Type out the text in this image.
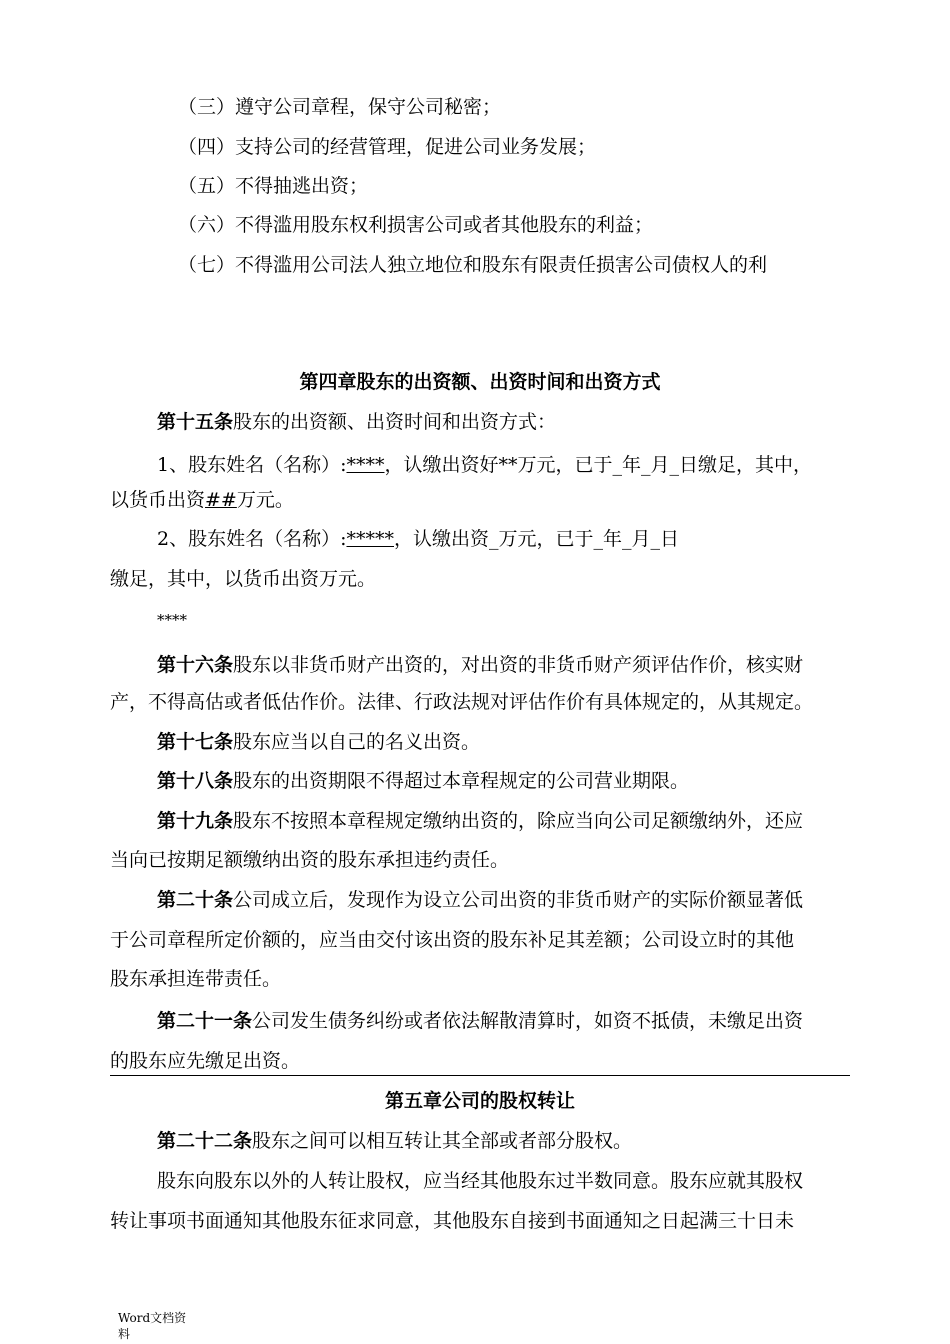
（三）遵守公司章程，保守公司秘密；
（四）支持公司的经营管理，促进公司业务发展；
（五）不得抽逃出资；
（六）不得滥用股东权利损害公司或者其他股东的利益；
（七）不得滥用公司法人独立地位和股东有限责任损害公司债权人的利
第四章股东的出资额、出资时间和出资方式
第十五条股东的出资额、出资时间和出资方式：
1、股东姓名（名称）:****，认缴出资好**万元，已于_年_月_日缴足，其中，
以货币出资##万元。
2、股东姓名（名称）:*****，认缴出资_万元，已于_年_月_日
缴足，其中，以货币出资万元。
****
第十六条股东以非货币财产出资的，对出资的非货币财产须评估作价，核实财
产，不得高估或者低估作价。法律、行政法规对评估作价有具体规定的，从其规定。
第十七条股东应当以自己的名义出资。
第十八条股东的出资期限不得超过本章程规定的公司营业期限。
第十九条股东不按照本章程规定缴纳出资的，除应当向公司足额缴纳外，还应
当向已按期足额缴纳出资的股东承担违约责任。
第二十条公司成立后，发现作为设立公司出资的非货币财产的实际价额显著低
于公司章程所定价额的，应当由交付该出资的股东补足其差额；公司设立时的其他
股东承担连带责任。
第二十一条公司发生债务纠纷或者依法解散清算时，如资不抵债，未缴足出资
的股东应先缴足出资。
第五章公司的股权转让
第二十二条股东之间可以相互转让其全部或者部分股权。
股东向股东以外的人转让股权，应当经其他股东过半数同意。股东应就其股权
转让事项书面通知其他股东征求同意，其他股东自接到书面通知之日起满三十日未
Word文档资料
